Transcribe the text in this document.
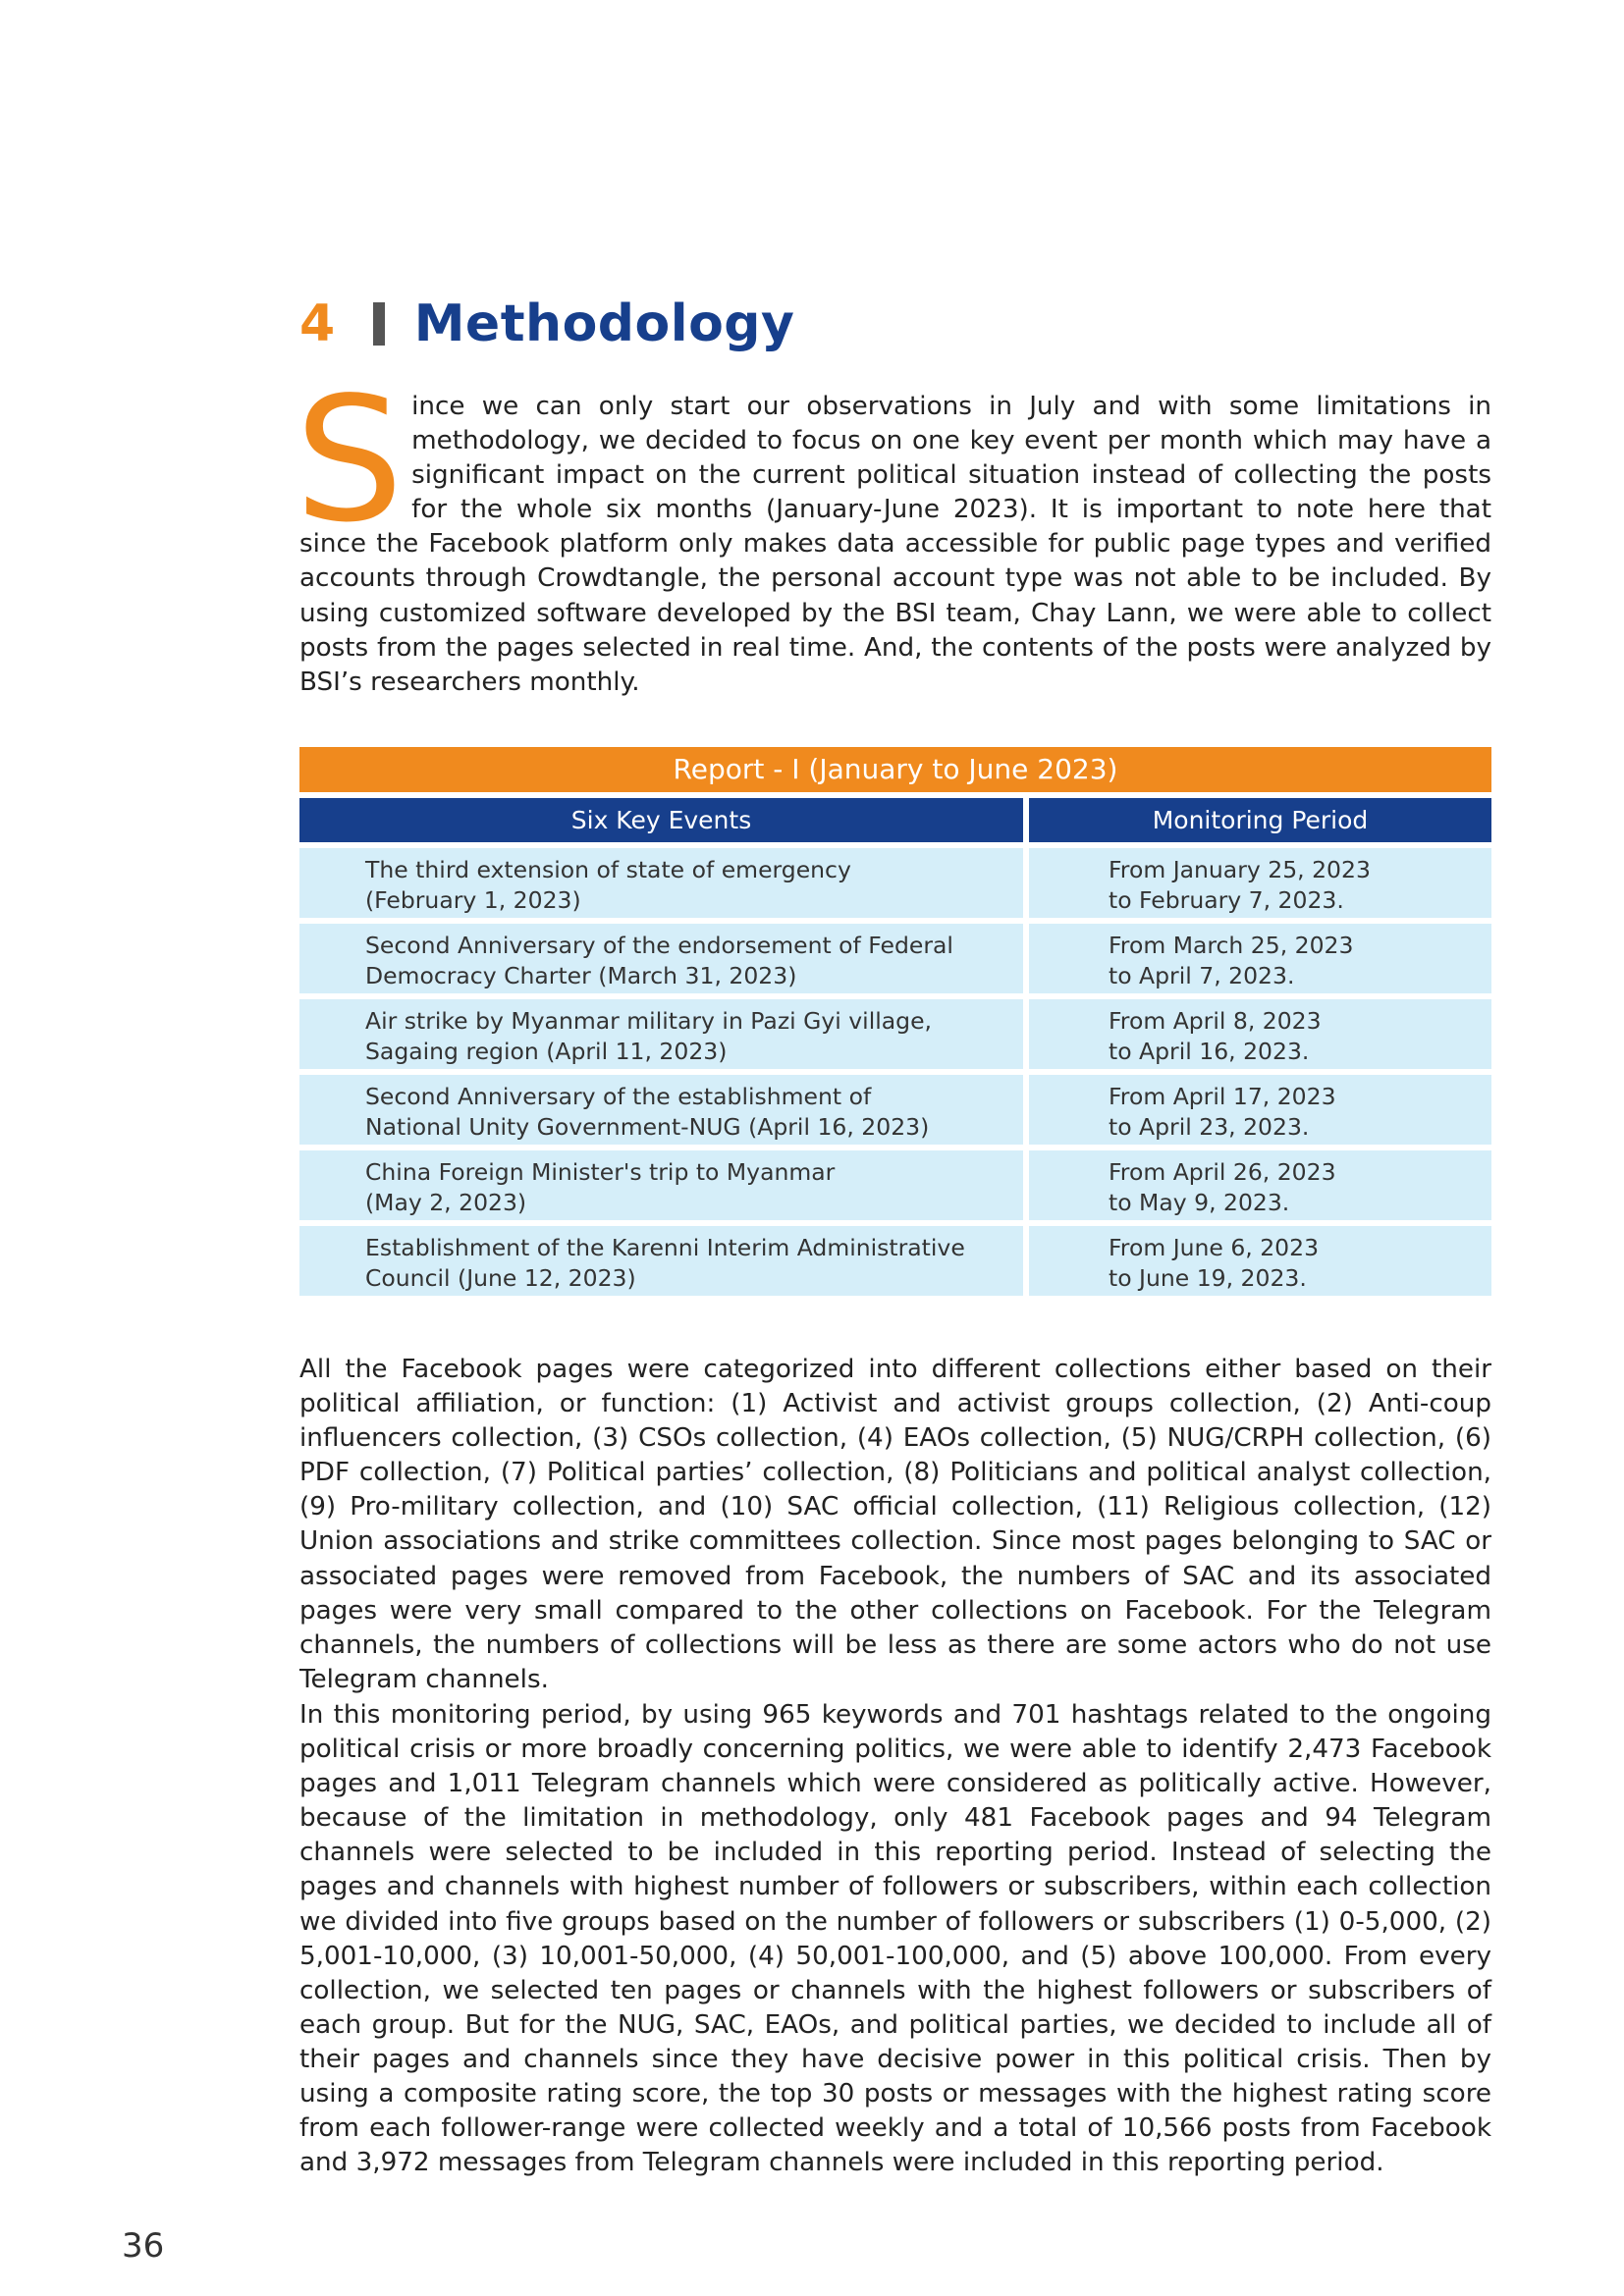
4 Methodology
S ince we can only start our observations in July and with some limitations in methodology, we decided to focus on one key event per month which may have a significant impact on the current political situation instead of collecting the posts for the whole six months (January-June 2023). It is important to note here that since the Facebook platform only makes data accessible for public page types and verified accounts through Crowdtangle, the personal account type was not able to be included. By using customized software developed by the BSI team, Chay Lann, we were able to collect posts from the pages selected in real time. And, the contents of the posts were analyzed by BSI’s researchers monthly.

Report - I (January to June 2023)
Six Key Events	Monitoring Period
The third extension of state of emergency
(February 1, 2023)
From January 25, 2023
to February 7, 2023.
Second Anniversary of the endorsement of Federal
Democracy Charter (March 31, 2023)
From March 25, 2023
to April 7, 2023.
Air strike by Myanmar military in Pazi Gyi village,
Sagaing region (April 11, 2023)
From April 8, 2023
to April 16, 2023.
Second Anniversary of the establishment of
National Unity Government-NUG (April 16, 2023)
From April 17, 2023
to April 23, 2023.
China Foreign Minister's trip to Myanmar
(May 2, 2023)
From April 26, 2023
to May 9, 2023.
Establishment of the Karenni Interim Administrative
Council (June 12, 2023)
From June 6, 2023
to June 19, 2023.

All the Facebook pages were categorized into different collections either based on their political affiliation, or function: (1) Activist and activist groups collection, (2) Anti-coup influencers collection, (3) CSOs collection, (4) EAOs collection, (5) NUG/CRPH collection, (6) PDF collection, (7) Political parties’ collection, (8) Politicians and political analyst collection, (9) Pro-military collection, and (10) SAC official collection, (11) Religious collection, (12) Union associations and strike committees collection. Since most pages belonging to SAC or associated pages were removed from Facebook, the numbers of SAC and its associated pages were very small compared to the other collections on Facebook. For the Telegram channels, the numbers of collections will be less as there are some actors who do not use Telegram channels.

In this monitoring period, by using 965 keywords and 701 hashtags related to the ongoing political crisis or more broadly concerning politics, we were able to identify 2,473 Facebook pages and 1,011 Telegram channels which were considered as politically active. However, because of the limitation in methodology, only 481 Facebook pages and 94 Telegram channels were selected to be included in this reporting period. Instead of selecting the pages and channels with highest number of followers or subscribers, within each collection we divided into five groups based on the number of followers or subscribers (1) 0-5,000, (2) 5,001-10,000, (3) 10,001-50,000, (4) 50,001-100,000, and (5) above 100,000. From every collection, we selected ten pages or channels with the highest followers or subscribers of each group. But for the NUG, SAC, EAOs, and political parties, we decided to include all of their pages and channels since they have decisive power in this political crisis. Then by using a composite rating score, the top 30 posts or messages with the highest rating score from each follower-range were collected weekly and a total of 10,566 posts from Facebook and 3,972 messages from Telegram channels were included in this reporting period.

36
